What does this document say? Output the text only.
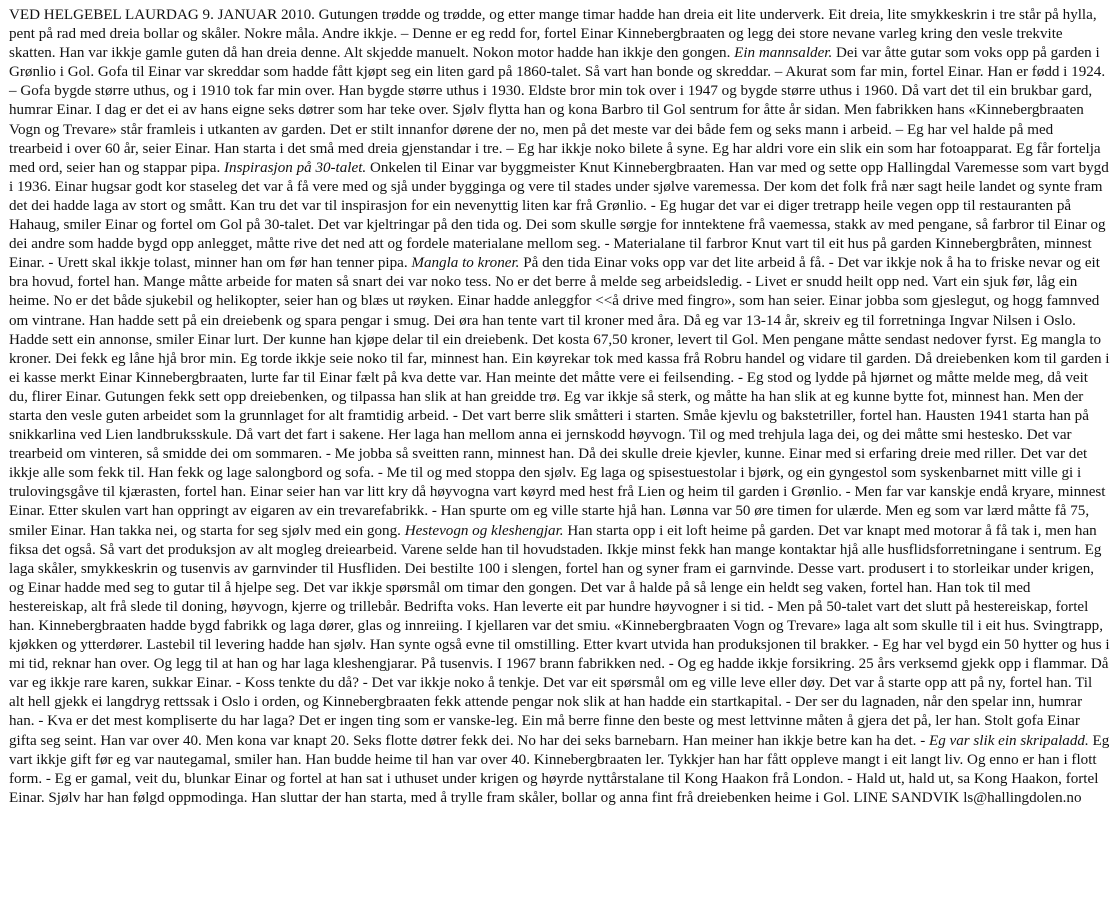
VED HELGEBEL LAURDAG 9. JANUAR 2010. Gutungen trødde og trødde, og etter mange timar hadde han dreia eit lite underverk. Eit dreia, lite smykkeskrin i tre står på hylla, pent på rad med dreia bollar og skåler. Nokre måla. Andre ikkje. – Denne er eg redd for, fortel Einar Kinnebergbraaten og legg dei store nevane varleg kring den vesle trekvite skatten. Han var ikkje gamle guten då han dreia denne. Alt skjedde manuelt. Nokon motor hadde han ikkje den gongen. Ein mannsalder. Dei var åtte gutar som voks opp på garden i Grønlio i Gol. Gofa til Einar var skreddar som hadde fått kjøpt seg ein liten gard på 1860-talet. Så vart han bonde og skreddar. – Akurat som far min, fortel Einar. Han er fødd i 1924. – Gofa bygde større uthus, og i 1910 tok far min over. Han bygde større uthus i 1930. Eldste bror min tok over i 1947 og bygde større uthus i 1960. Då vart det til ein brukbar gard, humrar Einar. I dag er det ei av hans eigne seks døtrer som har teke over. Sjølv flytta han og kona Barbro til Gol sentrum for åtte år sidan. Men fabrikken hans «Kinnebergbraaten Vogn og Trevare» står framleis i utkanten av garden. Det er stilt innanfor dørene der no, men på det meste var dei både fem og seks mann i arbeid. – Eg har vel halde på med trearbeid i over 60 år, seier Einar. Han starta i det små med dreia gjenstandar i tre. – Eg har ikkje noko bilete å syne. Eg har aldri vore ein slik ein som har fotoapparat. Eg får fortelja med ord, seier han og stappar pipa. Inspirasjon på 30-talet. Onkelen til Einar var byggmeister Knut Kinnebergbraaten. Han var med og sette opp Hallingdal Varemesse som vart bygd i 1936. Einar hugsar godt kor staseleg det var å få vere med og sjå under bygginga og vere til stades under sjølve varemessa. Der kom det folk frå nær sagt heile landet og synte fram det dei hadde laga av stort og smått. Kan tru det var til inspirasjon for ein nevenyttig liten kar frå Grønlio. - Eg hugar det var ei diger tretrapp heile vegen opp til restauranten på Hahaug, smiler Einar og fortel om Gol på 30-talet. Det var kjeltringar på den tida og. Dei som skulle sørgje for inntektene frå vaemessa, stakk av med pengane, så farbror til Einar og dei andre som hadde bygd opp anlegget, måtte rive det ned att og fordele materialane mellom seg. - Materialane til farbror Knut vart til eit hus på garden Kinnebergbråten, minnest Einar. - Urett skal ikkje tolast, minner han om før han tenner pipa. Mangla to kroner. På den tida Einar voks opp var det lite arbeid å få. - Det var ikkje nok å ha to friske nevar og eit bra hovud, fortel han. Mange måtte arbeide for maten så snart dei var noko tess. No er det berre å melde seg arbeidsledig. - Livet er snudd heilt opp ned. Vart ein sjuk før, låg ein heime. No er det både sjukebil og helikopter, seier han og blæs ut røyken. Einar hadde anleggfor <<å drive med fingro», som han seier. Einar jobba som gjeslegut, og hogg famnved om vintrane. Han hadde sett på ein dreiebenk og spara pengar i smug. Dei øra han tente vart til kroner med åra. Då eg var 13-14 år, skreiv eg til forretninga Ingvar Nilsen i Oslo. Hadde sett ein annonse, smiler Einar lurt. Der kunne han kjøpe delar til ein dreiebenk. Det kosta 67,50 kroner, levert til Gol. Men pengane måtte sendast nedover fyrst. Eg mangla to kroner. Dei fekk eg låne hjå bror min. Eg torde ikkje seie noko til far, minnest han. Ein køyrekar tok med kassa frå Robru handel og vidare til garden. Då dreiebenken kom til garden i ei kasse merkt Einar Kinnebergbraaten, lurte far til Einar fælt på kva dette var. Han meinte det måtte vere ei feilsending. - Eg stod og lydde på hjørnet og måtte melde meg, då veit du, flirer Einar. Gutungen fekk sett opp dreiebenken, og tilpassa han slik at han greidde trø. Eg var ikkje så sterk, og måtte ha han slik at eg kunne bytte fot, minnest han. Men der starta den vesle guten arbeidet som la grunnlaget for alt framtidig arbeid. - Det vart berre slik småtteri i starten. Småe kjevlu og bakstetriller, fortel han. Hausten 1941 starta han på snikkarlina ved Lien landbruksskule. Då vart det fart i sakene. Her laga han mellom anna ei jernskodd høyvogn. Til og med trehjula laga dei, og dei måtte smi hestesko. Det var trearbeid om vinteren, så smidde dei om sommaren. - Me jobba så sveitten rann, minnest han. Då dei skulle dreie kjevler, kunne. Einar med si erfaring dreie med riller. Det var det ikkje alle som fekk til. Han fekk og lage salongbord og sofa. - Me til og med stoppa den sjølv. Eg laga og spisestuestolar i bjørk, og ein gyngestol som syskenbarnet mitt ville gi i trulovingsgåve til kjærasten, fortel han. Einar seier han var litt kry då høyvogna vart køyrd med hest frå Lien og heim til garden i Grønlio. - Men far var kanskje endå kryare, minnest Einar. Etter skulen vart han oppringt av eigaren av ein trevarefabrikk. - Han spurte om eg ville starte hjå han. Lønna var 50 øre timen for ulærde. Men eg som var lærd måtte få 75, smiler Einar. Han takka nei, og starta for seg sjølv med ein gong. Hestevogn og kleshengjar. Han starta opp i eit loft heime på garden. Det var knapt med motorar å få tak i, men han fiksa det også. Så vart det produksjon av alt mogleg dreiearbeid. Varene selde han til hovudstaden. Ikkje minst fekk han mange kontaktar hjå alle husflidsforretningane i sentrum. Eg laga skåler, smykkeskrin og tusenvis av garnvinder til Husfliden. Dei bestilte 100 i slengen, fortel han og syner fram ei garnvinde. Desse vart. produsert i to storleikar under krigen, og Einar hadde med seg to gutar til å hjelpe seg. Det var ikkje spørsmål om timar den gongen. Det var å halde på så lenge ein heldt seg vaken, fortel han. Han tok til med hestereiskap, alt frå slede til doning, høyvogn, kjerre og trillebår. Bedrifta voks. Han leverte eit par hundre høyvogner i si tid. - Men på 50-talet vart det slutt på hestereiskap, fortel han. Kinnebergbraaten hadde bygd fabrikk og laga dører, glas og innreiing. I kjellaren var det smiu. «Kinnebergbraaten Vogn og Trevare» laga alt som skulle til i eit hus. Svingtrapp, kjøkken og ytterdører. Lastebil til levering hadde han sjølv. Han synte også evne til omstilling. Etter kvart utvida han produksjonen til brakker. - Eg har vel bygd ein 50 hytter og hus i mi tid, reknar han over. Og legg til at han og har laga kleshengjarar. På tusenvis. I 1967 brann fabrikken ned. - Og eg hadde ikkje forsikring. 25 års verksemd gjekk opp i flammar. Då var eg ikkje rare karen, sukkar Einar. - Koss tenkte du då? - Det var ikkje noko å tenkje. Det var eit spørsmål om eg ville leve eller døy. Det var å starte opp att på ny, fortel han. Til alt hell gjekk ei langdryg rettssak i Oslo i orden, og Kinnebergbraaten fekk attende pengar nok slik at han hadde ein startkapital. - Der ser du lagnaden, når den spelar inn, humrar han. - Kva er det mest kompliserte du har laga? Det er ingen ting som er vanske-leg. Ein må berre finne den beste og mest lettvinne måten å gjera det på, ler han. Stolt gofa Einar gifta seg seint. Han var over 40. Men kona var knapt 20. Seks flotte døtrer fekk dei. No har dei seks barnebarn. Han meiner han ikkje betre kan ha det. - Eg var slik ein skripaladd. Eg vart ikkje gift før eg var nautegamal, smiler han. Han budde heime til han var over 40. Kinnebergbraaten ler. Tykkjer han har fått oppleve mangt i eit langt liv. Og enno er han i flott form. - Eg er gamal, veit du, blunkar Einar og fortel at han sat i uthuset under krigen og høyrde nyttårstalane til Kong Haakon frå London. - Hald ut, hald ut, sa Kong Haakon, fortel Einar. Sjølv har han følgd oppmodinga. Han sluttar der han starta, med å trylle fram skåler, bollar og anna fint frå dreiebenken heime i Gol. LINE SANDVIK ls@hallingdolen.no
